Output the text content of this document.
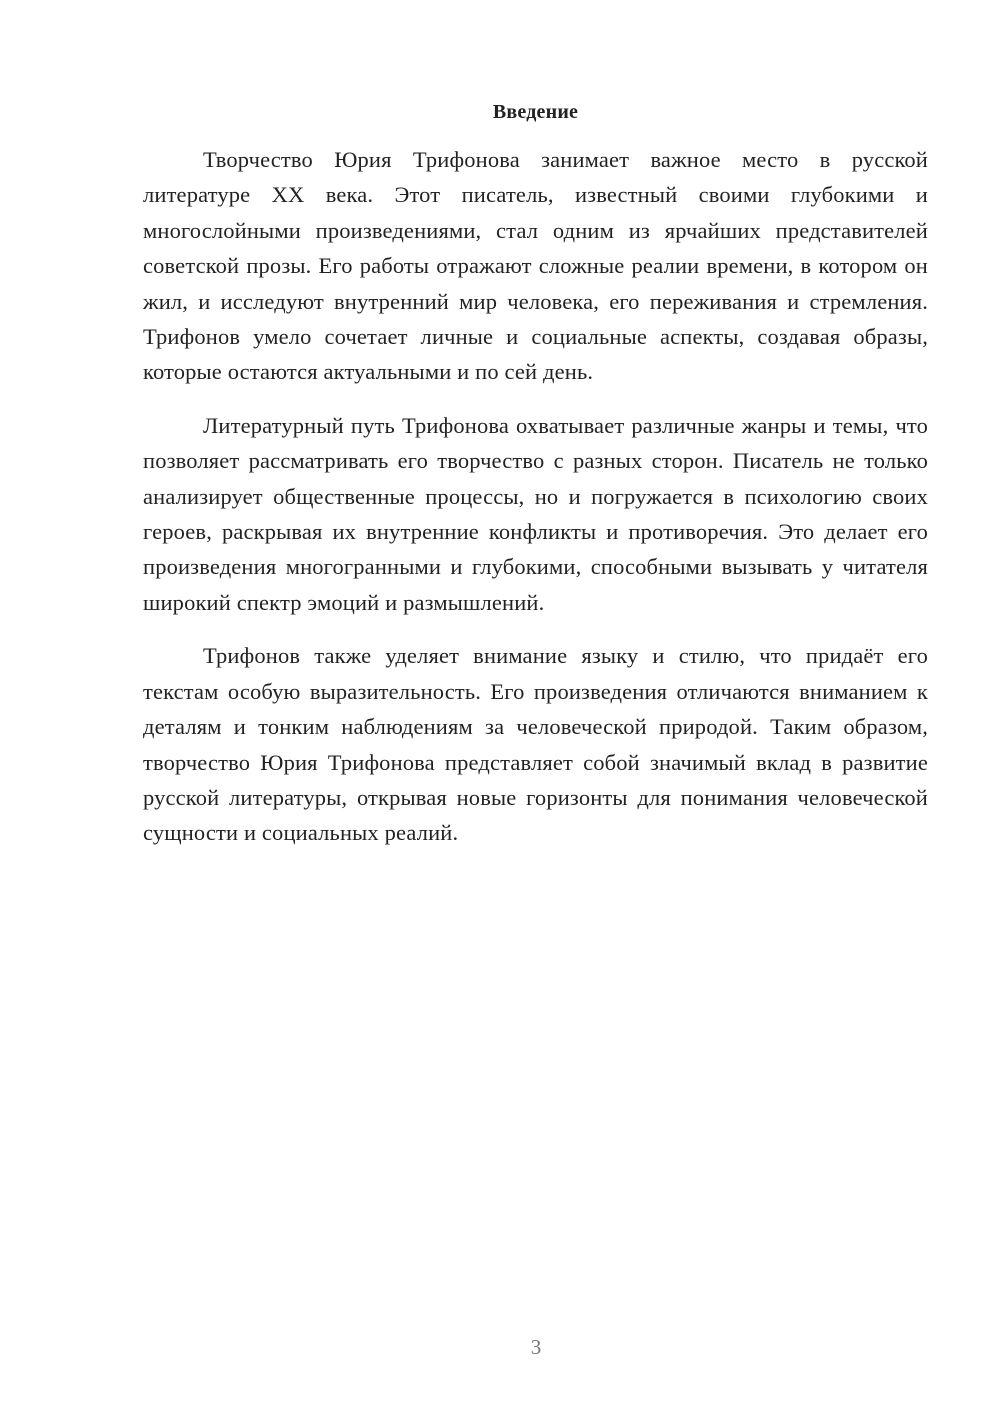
Введение

Творчество Юрия Трифонова занимает важное место в русской литературе XX века. Этот писатель, известный своими глубокими и многослойными произведениями, стал одним из ярчайших представителей советской прозы. Его работы отражают сложные реалии времени, в котором он жил, и исследуют внутренний мир человека, его переживания и стремления. Трифонов умело сочетает личные и социальные аспекты, создавая образы, которые остаются актуальными и по сей день.

Литературный путь Трифонова охватывает различные жанры и темы, что позволяет рассматривать его творчество с разных сторон. Писатель не только анализирует общественные процессы, но и погружается в психологию своих героев, раскрывая их внутренние конфликты и противоречия. Это делает его произведения многогранными и глубокими, способными вызывать у читателя широкий спектр эмоций и размышлений.

Трифонов также уделяет внимание языку и стилю, что придаёт его текстам особую выразительность. Его произведения отличаются вниманием к деталям и тонким наблюдениям за человеческой природой. Таким образом, творчество Юрия Трифонова представляет собой значимый вклад в развитие русской литературы, открывая новые горизонты для понимания человеческой сущности и социальных реалий.

3
